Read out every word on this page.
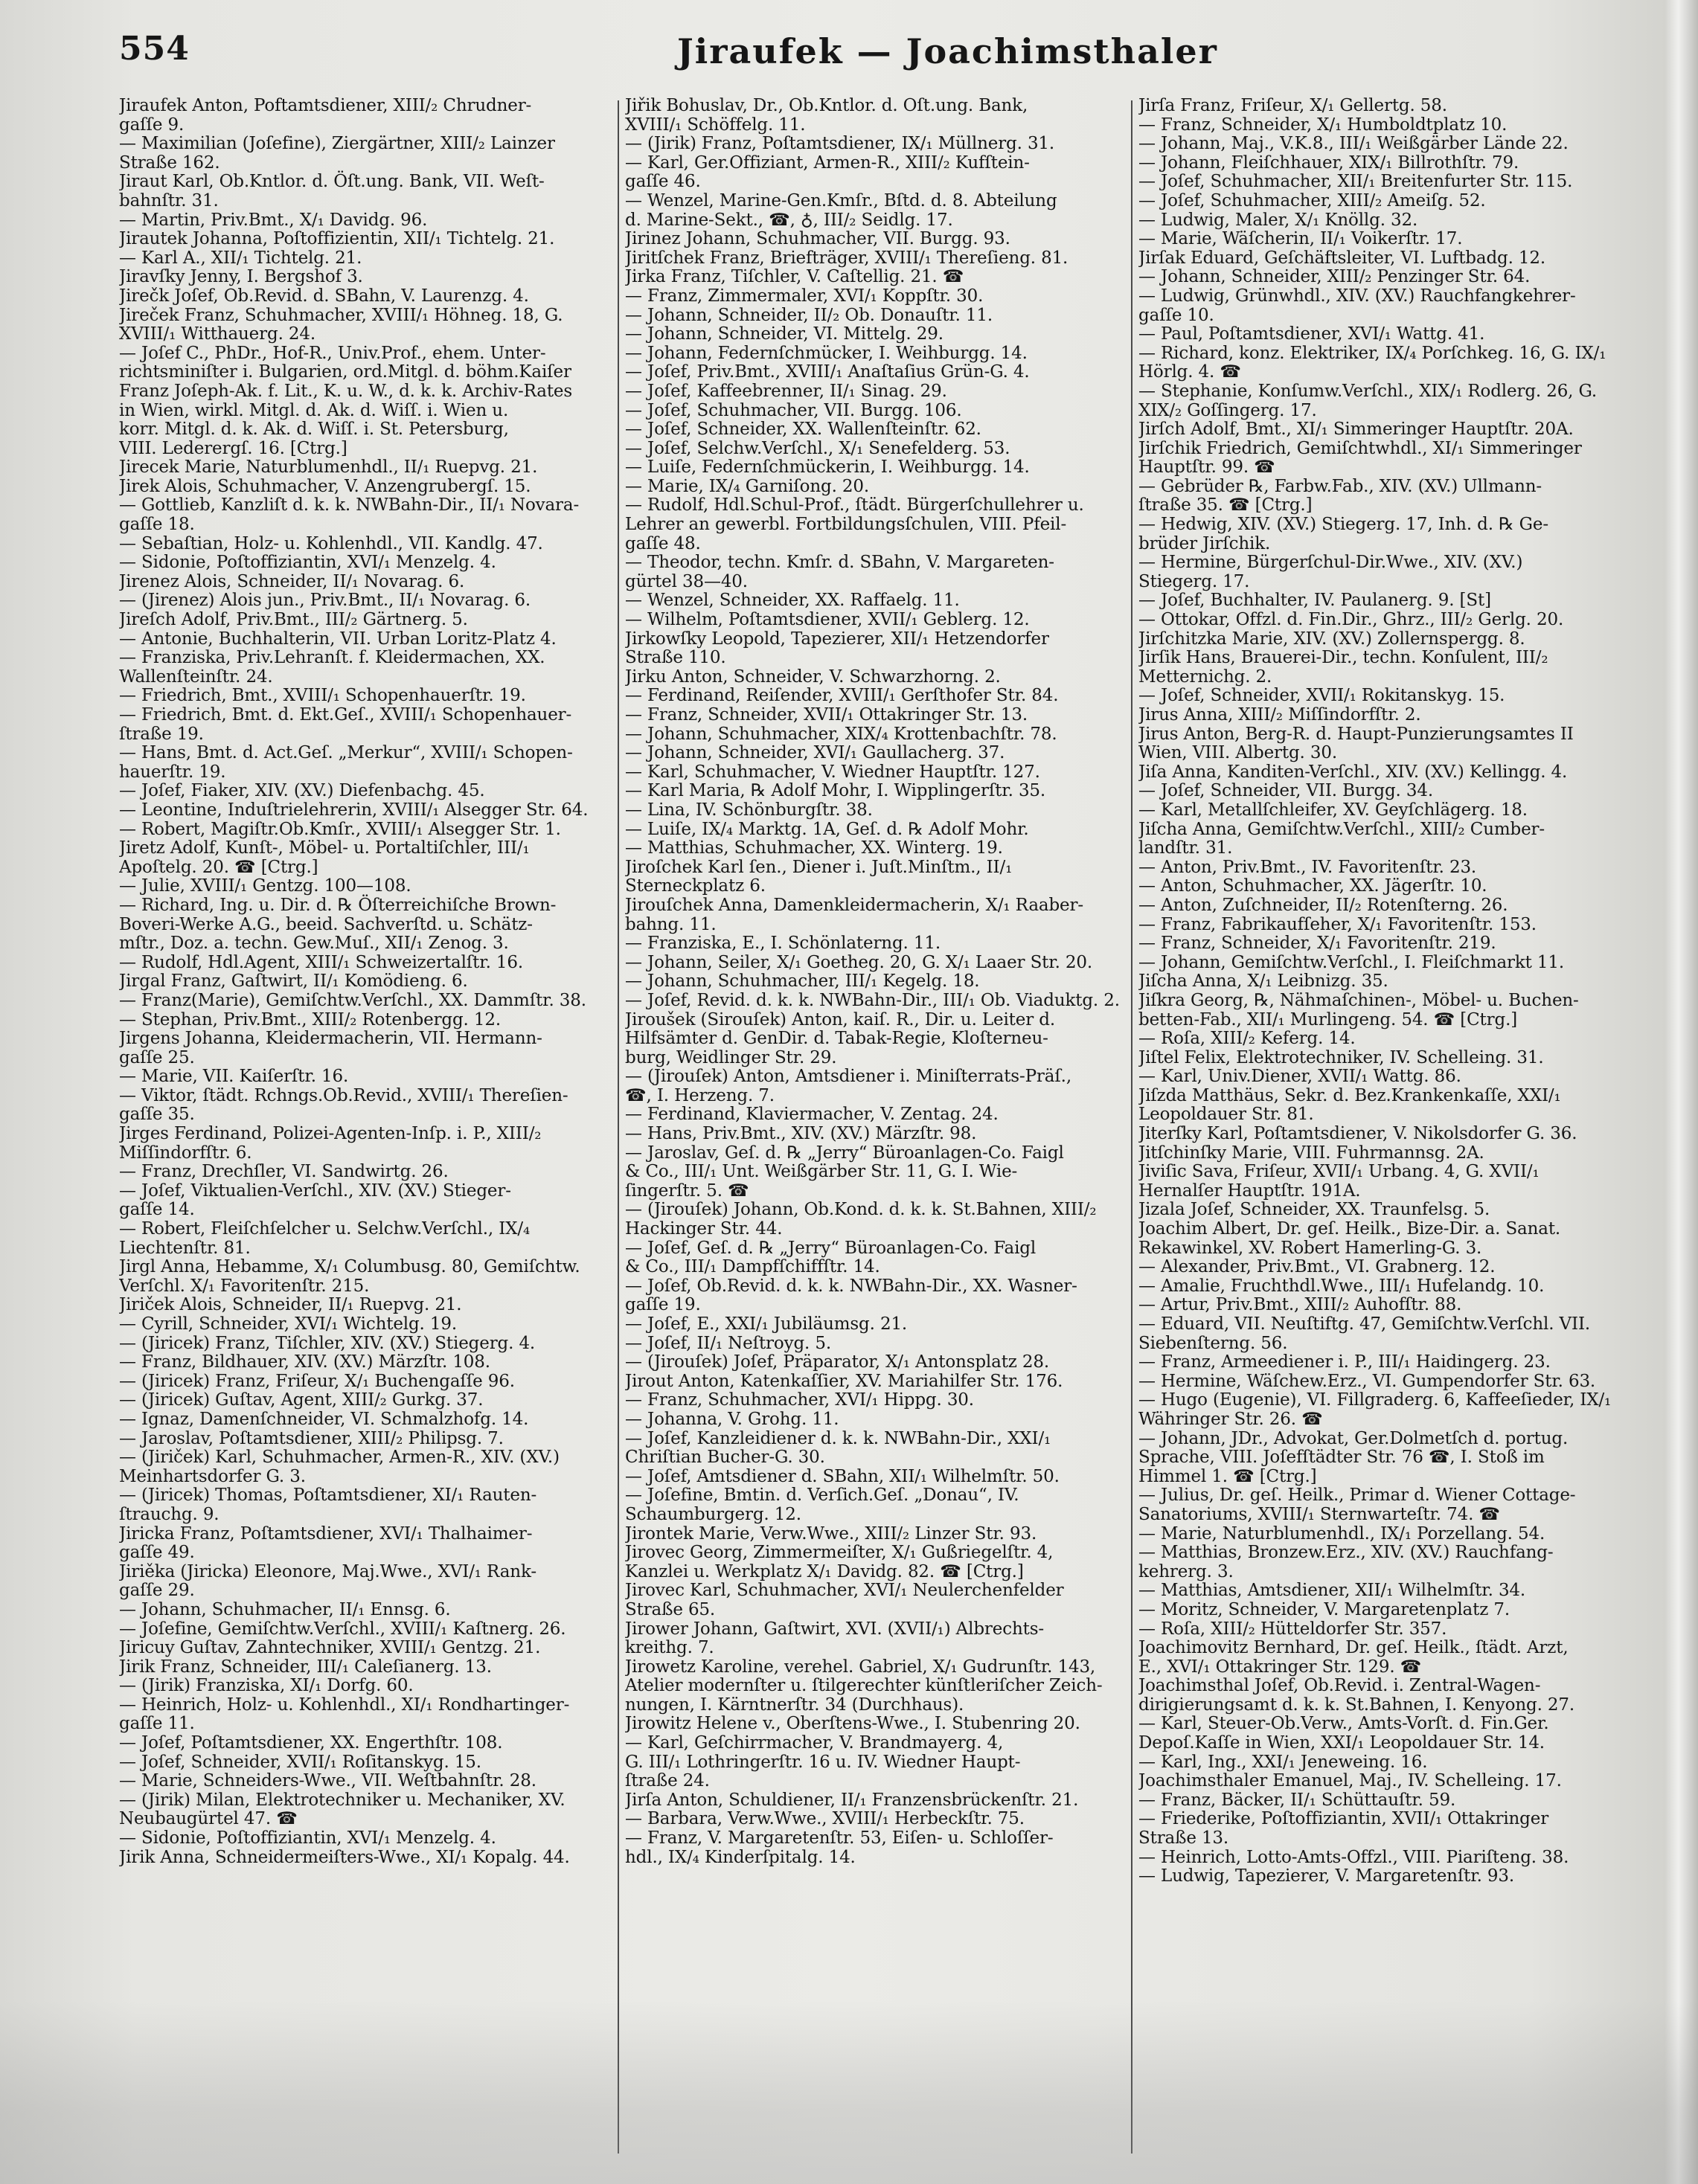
554	Jiraufek — Joachimsthaler
Jiraufek Anton, Poftamtsdiener, XIII/₂ Chrudner-
gaſſe 9.
— Maximilian (Joſefine), Ziergärtner, XIII/₂ Lainzer
Straße 162.
Jiraut Karl, Ob.Kntlor. d. Öſt.ung. Bank, VII. Weſt-
bahnſtr. 31.
— Martin, Priv.Bmt., X/₁ Davidg. 96.
Jirautek Johanna, Poſtoffizientin, XII/₁ Tichtelg. 21.
— Karl A., XII/₁ Tichtelg. 21.
Jiravſky Jenny, I. Bergshof 3.
Jirečk Joſef, Ob.Revid. d. SBahn, V. Laurenzg. 4.
Jireček Franz, Schuhmacher, XVIII/₁ Höhneg. 18, G.
XVIII/₁ Witthauerg. 24.
— Joſef C., PhDr., Hof-R., Univ.Prof., ehem. Unter-
richtsminiſter i. Bulgarien, ord.Mitgl. d. böhm.Kaiſer
Franz Joſeph-Ak. f. Lit., K. u. W., d. k. k. Archiv-Rates
in Wien, wirkl. Mitgl. d. Ak. d. Wiſſ. i. Wien u.
korr. Mitgl. d. k. Ak. d. Wiſſ. i. St. Petersburg,
VIII. Lederergſ. 16. [Ctrg.]
Jirecek Marie, Naturblumenhdl., II/₁ Ruepvg. 21.
Jirek Alois, Schuhmacher, V. Anzengrubergſ. 15.
— Gottlieb, Kanzliſt d. k. k. NWBahn-Dir., II/₁ Novara-
gaſſe 18.
— Sebaſtian, Holz- u. Kohlenhdl., VII. Kandlg. 47.
— Sidonie, Poſtoffiziantin, XVI/₁ Menzelg. 4.
Jirenez Alois, Schneider, II/₁ Novarag. 6.
— (Jirenez) Alois jun., Priv.Bmt., II/₁ Novarag. 6.
Jireſch Adolf, Priv.Bmt., III/₂ Gärtnerg. 5.
— Antonie, Buchhalterin, VII. Urban Loritz-Platz 4.
— Franziska, Priv.Lehranſt. f. Kleidermachen, XX.
Wallenſteinſtr. 24.
— Friedrich, Bmt., XVIII/₁ Schopenhauerſtr. 19.
— Friedrich, Bmt. d. Ekt.Geſ., XVIII/₁ Schopenhauer-
ſtraße 19.
— Hans, Bmt. d. Act.Geſ. „Merkur“, XVIII/₁ Schopen-
hauerſtr. 19.
— Joſef, Fiaker, XIV. (XV.) Diefenbachg. 45.
— Leontine, Induſtrielehrerin, XVIII/₁ Alsegger Str. 64.
— Robert, Magiſtr.Ob.Kmſr., XVIII/₁ Alsegger Str. 1.
Jiretz Adolf, Kunſt-, Möbel- u. Portaltiſchler, III/₁
Apoſtelg. 20. ☎ [Ctrg.]
— Julie, XVIII/₁ Gentzg. 100—108.
— Richard, Ing. u. Dir. d. ℞ Öſterreichiſche Brown-
Boveri-Werke A.G., beeid. Sachverſtd. u. Schätz-
mſtr., Doz. a. techn. Gew.Muſ., XII/₁ Zenog. 3.
— Rudolf, Hdl.Agent, XIII/₁ Schweizertalſtr. 16.
Jirgal Franz, Gaſtwirt, II/₁ Komödieng. 6.
— Franz(Marie), Gemiſchtw.Verſchl., XX. Dammſtr. 38.
— Stephan, Priv.Bmt., XIII/₂ Rotenbergg. 12.
Jirgens Johanna, Kleidermacherin, VII. Hermann-
gaſſe 25.
— Marie, VII. Kaiſerſtr. 16.
— Viktor, ſtädt. Rchngs.Ob.Revid., XVIII/₁ Thereſien-
gaſſe 35.
Jirges Ferdinand, Polizei-Agenten-Inſp. i. P., XIII/₂
Miſſindorfſtr. 6.
— Franz, Drechſler, VI. Sandwirtg. 26.
— Joſef, Viktualien-Verſchl., XIV. (XV.) Stieger-
gaſſe 14.
— Robert, Fleiſchſelcher u. Selchw.Verſchl., IX/₄
Liechtenſtr. 81.
Jirgl Anna, Hebamme, X/₁ Columbusg. 80, Gemiſchtw.
Verſchl. X/₁ Favoritenſtr. 215.
Jiriček Alois, Schneider, II/₁ Ruepvg. 21.
— Cyrill, Schneider, XVI/₁ Wichtelg. 19.
— (Jiricek) Franz, Tiſchler, XIV. (XV.) Stiegerg. 4.
— Franz, Bildhauer, XIV. (XV.) Märzſtr. 108.
— (Jiricek) Franz, Friſeur, X/₁ Buchengaſſe 96.
— (Jiricek) Guſtav, Agent, XIII/₂ Gurkg. 37.
— Ignaz, Damenſchneider, VI. Schmalzhofg. 14.
— Jaroslav, Poſtamtsdiener, XIII/₂ Philipsg. 7.
— (Jiriček) Karl, Schuhmacher, Armen-R., XIV. (XV.)
Meinhartsdorfer G. 3.
— (Jiricek) Thomas, Poſtamtsdiener, XI/₁ Rauten-
ſtrauchg. 9.
Jiricka Franz, Poſtamtsdiener, XVI/₁ Thalhaimer-
gaſſe 49.
Jiriěka (Jiricka) Eleonore, Maj.Wwe., XVI/₁ Rank-
gaſſe 29.
— Johann, Schuhmacher, II/₁ Ennsg. 6.
— Joſefine, Gemiſchtw.Verſchl., XVIII/₁ Kaſtnerg. 26.
Jiricuy Guſtav, Zahntechniker, XVIII/₁ Gentzg. 21.
Jirik Franz, Schneider, III/₁ Caleſianerg. 13.
— (Jirik) Franziska, XI/₁ Dorfg. 60.
— Heinrich, Holz- u. Kohlenhdl., XI/₁ Rondhartinger-
gaſſe 11.
— Joſef, Poſtamtsdiener, XX. Engerthſtr. 108.
— Joſef, Schneider, XVII/₁ Roſitanskyg. 15.
— Marie, Schneiders-Wwe., VII. Weſtbahnſtr. 28.
— (Jirik) Milan, Elektrotechniker u. Mechaniker, XV.
Neubaugürtel 47. ☎
— Sidonie, Poſtoffiziantin, XVI/₁ Menzelg. 4.
Jirik Anna, Schneidermeiſters-Wwe., XI/₁ Kopalg. 44.
Jiřik Bohuslav, Dr., Ob.Kntlor. d. Öſt.ung. Bank,
XVIII/₁ Schöffelg. 11.
— (Jirik) Franz, Poſtamtsdiener, IX/₁ Müllnerg. 31.
— Karl, Ger.Offiziant, Armen-R., XIII/₂ Kufſtein-
gaſſe 46.
— Wenzel, Marine-Gen.Kmſr., Bſtd. d. 8. Abteilung
d. Marine-Sekt., ☎, ♁, III/₂ Seidlg. 17.
Jirinez Johann, Schuhmacher, VII. Burgg. 93.
Jiritſchek Franz, Briefträger, XVIII/₁ Thereſieng. 81.
Jirka Franz, Tiſchler, V. Caſtellig. 21. ☎
— Franz, Zimmermaler, XVI/₁ Koppſtr. 30.
— Johann, Schneider, II/₂ Ob. Donauſtr. 11.
— Johann, Schneider, VI. Mittelg. 29.
— Johann, Federnſchmücker, I. Weihburgg. 14.
— Joſef, Priv.Bmt., XVIII/₁ Anaſtaſius Grün-G. 4.
— Joſef, Kaffeebrenner, II/₁ Sinag. 29.
— Joſef, Schuhmacher, VII. Burgg. 106.
— Joſef, Schneider, XX. Wallenſteinſtr. 62.
— Joſef, Selchw.Verſchl., X/₁ Senefelderg. 53.
— Luiſe, Federnſchmückerin, I. Weihburgg. 14.
— Marie, IX/₄ Garniſong. 20.
— Rudolf, Hdl.Schul-Prof., ſtädt. Bürgerſchullehrer u.
Lehrer an gewerbl. Fortbildungsſchulen, VIII. Pfeil-
gaſſe 48.
— Theodor, techn. Kmſr. d. SBahn, V. Margareten-
gürtel 38—40.
— Wenzel, Schneider, XX. Raffaelg. 11.
— Wilhelm, Poſtamtsdiener, XVII/₁ Geblerg. 12.
Jirkowſky Leopold, Tapezierer, XII/₁ Hetzendorfer
Straße 110.
Jirku Anton, Schneider, V. Schwarzhorng. 2.
— Ferdinand, Reiſender, XVIII/₁ Gerſthofer Str. 84.
— Franz, Schneider, XVII/₁ Ottakringer Str. 13.
— Johann, Schuhmacher, XIX/₄ Krottenbachſtr. 78.
— Johann, Schneider, XVI/₁ Gaullacherg. 37.
— Karl, Schuhmacher, V. Wiedner Hauptſtr. 127.
— Karl Maria, ℞ Adolf Mohr, I. Wipplingerſtr. 35.
— Lina, IV. Schönburgſtr. 38.
— Luiſe, IX/₄ Marktg. 1A, Geſ. d. ℞ Adolf Mohr.
— Matthias, Schuhmacher, XX. Winterg. 19.
Jiroſchek Karl ſen., Diener i. Juſt.Minſtm., II/₁
Sterneckplatz 6.
Jirouſchek Anna, Damenkleidermacherin, X/₁ Raaber-
bahng. 11.
— Franziska, E., I. Schönlaterng. 11.
— Johann, Seiler, X/₁ Goetheg. 20, G. X/₁ Laaer Str. 20.
— Johann, Schuhmacher, III/₁ Kegelg. 18.
— Joſef, Revid. d. k. k. NWBahn-Dir., III/₁ Ob. Viaduktg. 2.
Jiroušek (Sirouſek) Anton, kaiſ. R., Dir. u. Leiter d.
Hilfsämter d. GenDir. d. Tabak-Regie, Kloſterneu-
burg, Weidlinger Str. 29.
— (Jirouſek) Anton, Amtsdiener i. Miniſterrats-Präſ.,
☎, I. Herzeng. 7.
— Ferdinand, Klaviermacher, V. Zentag. 24.
— Hans, Priv.Bmt., XIV. (XV.) Märzſtr. 98.
— Jaroslav, Geſ. d. ℞ „Jerry“ Büroanlagen-Co. Faigl
& Co., III/₁ Unt. Weißgärber Str. 11, G. I. Wie-
ſingerſtr. 5. ☎
— (Jirouſek) Johann, Ob.Kond. d. k. k. St.Bahnen, XIII/₂
Hackinger Str. 44.
— Joſef, Geſ. d. ℞ „Jerry“ Büroanlagen-Co. Faigl
& Co., III/₁ Dampfſchiffſtr. 14.
— Joſef, Ob.Revid. d. k. k. NWBahn-Dir., XX. Wasner-
gaſſe 19.
— Joſef, E., XXI/₁ Jubiläumsg. 21.
— Joſef, II/₁ Neſtroyg. 5.
— (Jirouſek) Joſef, Präparator, X/₁ Antonsplatz 28.
Jirout Anton, Katenkaſſier, XV. Mariahilfer Str. 176.
— Franz, Schuhmacher, XVI/₁ Hippg. 30.
— Johanna, V. Grohg. 11.
— Joſef, Kanzleidiener d. k. k. NWBahn-Dir., XXI/₁
Chriſtian Bucher-G. 30.
— Joſef, Amtsdiener d. SBahn, XII/₁ Wilhelmſtr. 50.
— Joſefine, Bmtin. d. Verſich.Geſ. „Donau“, IV.
Schaumburgerg. 12.
Jirontek Marie, Verw.Wwe., XIII/₂ Linzer Str. 93.
Jirovec Georg, Zimmermeiſter, X/₁ Gußriegelſtr. 4,
Kanzlei u. Werkplatz X/₁ Davidg. 82. ☎ [Ctrg.]
Jirovec Karl, Schuhmacher, XVI/₁ Neulerchenfelder
Straße 65.
Jirower Johann, Gaſtwirt, XVI. (XVII/₁) Albrechts-
kreithg. 7.
Jirowetz Karoline, verehel. Gabriel, X/₁ Gudrunſtr. 143,
Atelier modernſter u. ſtilgerechter künſtleriſcher Zeich-
nungen, I. Kärntnerſtr. 34 (Durchhaus).
Jirowitz Helene v., Oberſtens-Wwe., I. Stubenring 20.
— Karl, Geſchirrmacher, V. Brandmayerg. 4,
G. III/₁ Lothringerſtr. 16 u. IV. Wiedner Haupt-
ſtraße 24.
Jirſa Anton, Schuldiener, II/₁ Franzensbrückenſtr. 21.
— Barbara, Verw.Wwe., XVIII/₁ Herbeckſtr. 75.
— Franz, V. Margaretenſtr. 53, Eiſen- u. Schloſſer-
hdl., IX/₄ Kinderſpitalg. 14.
Jirſa Franz, Friſeur, X/₁ Gellertg. 58.
— Franz, Schneider, X/₁ Humboldtplatz 10.
— Johann, Maj., V.K.8., III/₁ Weißgärber Lände 22.
— Johann, Fleiſchhauer, XIX/₁ Billrothſtr. 79.
— Joſef, Schuhmacher, XII/₁ Breitenfurter Str. 115.
— Joſef, Schuhmacher, XIII/₂ Ameiſg. 52.
— Ludwig, Maler, X/₁ Knöllg. 32.
— Marie, Wäſcherin, II/₁ Voikerſtr. 17.
Jirſak Eduard, Geſchäftsleiter, VI. Luftbadg. 12.
— Johann, Schneider, XIII/₂ Penzinger Str. 64.
— Ludwig, Grünwhdl., XIV. (XV.) Rauchfangkehrer-
gaſſe 10.
— Paul, Poſtamtsdiener, XVI/₁ Wattg. 41.
— Richard, konz. Elektriker, IX/₄ Porſchkeg. 16, G. IX/₁
Hörlg. 4. ☎
— Stephanie, Konſumw.Verſchl., XIX/₁ Rodlerg. 26, G.
XIX/₂ Goſſingerg. 17.
Jirſch Adolf, Bmt., XI/₁ Simmeringer Hauptſtr. 20A.
Jirſchik Friedrich, Gemiſchtwhdl., XI/₁ Simmeringer
Hauptſtr. 99. ☎
— Gebrüder ℞, Farbw.Fab., XIV. (XV.) Ullmann-
ſtraße 35. ☎ [Ctrg.]
— Hedwig, XIV. (XV.) Stiegerg. 17, Inh. d. ℞ Ge-
brüder Jirſchik.
— Hermine, Bürgerſchul-Dir.Wwe., XIV. (XV.)
Stiegerg. 17.
— Joſef, Buchhalter, IV. Paulanerg. 9. [St]
— Ottokar, Offzl. d. Fin.Dir., Ghrz., III/₂ Gerlg. 20.
Jirſchitzka Marie, XIV. (XV.) Zollernspergg. 8.
Jirſik Hans, Brauerei-Dir., techn. Konſulent, III/₂
Metternichg. 2.
— Joſef, Schneider, XVII/₁ Rokitanskyg. 15.
Jirus Anna, XIII/₂ Miſſindorfſtr. 2.
Jirus Anton, Berg-R. d. Haupt-Punzierungsamtes II
Wien, VIII. Albertg. 30.
Jiſa Anna, Kanditen-Verſchl., XIV. (XV.) Kellingg. 4.
— Joſef, Schneider, VII. Burgg. 34.
— Karl, Metallſchleifer, XV. Geyſchlägerg. 18.
Jiſcha Anna, Gemiſchtw.Verſchl., XIII/₂ Cumber-
landſtr. 31.
— Anton, Priv.Bmt., IV. Favoritenſtr. 23.
— Anton, Schuhmacher, XX. Jägerſtr. 10.
— Anton, Zuſchneider, II/₂ Rotenſterng. 26.
— Franz, Fabrikaufſeher, X/₁ Favoritenſtr. 153.
— Franz, Schneider, X/₁ Favoritenſtr. 219.
— Johann, Gemiſchtw.Verſchl., I. Fleiſchmarkt 11.
Jiſcha Anna, X/₁ Leibnizg. 35.
Jiſkra Georg, ℞, Nähmaſchinen-, Möbel- u. Buchen-
betten-Fab., XII/₁ Murlingeng. 54. ☎ [Ctrg.]
— Roſa, XIII/₂ Keferg. 14.
Jiſtel Felix, Elektrotechniker, IV. Schelleing. 31.
— Karl, Univ.Diener, XVII/₁ Wattg. 86.
Jiſzda Matthäus, Sekr. d. Bez.Krankenkaſſe, XXI/₁
Leopoldauer Str. 81.
Jiterſky Karl, Poſtamtsdiener, V. Nikolsdorfer G. 36.
Jitſchinſky Marie, VIII. Fuhrmannsg. 2A.
Jiviſic Sava, Friſeur, XVII/₁ Urbang. 4, G. XVII/₁
Hernalſer Hauptſtr. 191A.
Jizala Joſef, Schneider, XX. Traunfelsg. 5.
Joachim Albert, Dr. geſ. Heilk., Bize-Dir. a. Sanat.
Rekawinkel, XV. Robert Hamerling-G. 3.
— Alexander, Priv.Bmt., VI. Grabnerg. 12.
— Amalie, Fruchthdl.Wwe., III/₁ Hufelandg. 10.
— Artur, Priv.Bmt., XIII/₂ Auhofſtr. 88.
— Eduard, VII. Neuſtiftg. 47, Gemiſchtw.Verſchl. VII.
Siebenſterng. 56.
— Franz, Armeediener i. P., III/₁ Haidingerg. 23.
— Hermine, Wäſchew.Erz., VI. Gumpendorfer Str. 63.
— Hugo (Eugenie), VI. Fillgraderg. 6, Kaffeeſieder, IX/₁
Währinger Str. 26. ☎
— Johann, JDr., Advokat, Ger.Dolmetſch d. portug.
Sprache, VIII. Joſefſtädter Str. 76 ☎, I. Stoß im
Himmel 1. ☎ [Ctrg.]
— Julius, Dr. geſ. Heilk., Primar d. Wiener Cottage-
Sanatoriums, XVIII/₁ Sternwarteſtr. 74. ☎
— Marie, Naturblumenhdl., IX/₁ Porzellang. 54.
— Matthias, Bronzew.Erz., XIV. (XV.) Rauchfang-
kehrerg. 3.
— Matthias, Amtsdiener, XII/₁ Wilhelmſtr. 34.
— Moritz, Schneider, V. Margaretenplatz 7.
— Roſa, XIII/₂ Hütteldorfer Str. 357.
Joachimovitz Bernhard, Dr. geſ. Heilk., ſtädt. Arzt,
E., XVI/₁ Ottakringer Str. 129. ☎
Joachimsthal Joſef, Ob.Revid. i. Zentral-Wagen-
dirigierungsamt d. k. k. St.Bahnen, I. Kenyong. 27.
— Karl, Steuer-Ob.Verw., Amts-Vorſt. d. Fin.Ger.
Depoſ.Kaſſe in Wien, XXI/₁ Leopoldauer Str. 14.
— Karl, Ing., XXI/₁ Jeneweing. 16.
Joachimsthaler Emanuel, Maj., IV. Schelleing. 17.
— Franz, Bäcker, II/₁ Schüttauſtr. 59.
— Friederike, Poſtoffiziantin, XVII/₁ Ottakringer
Straße 13.
— Heinrich, Lotto-Amts-Offzl., VIII. Piariſteng. 38.
— Ludwig, Tapezierer, V. Margaretenſtr. 93.
